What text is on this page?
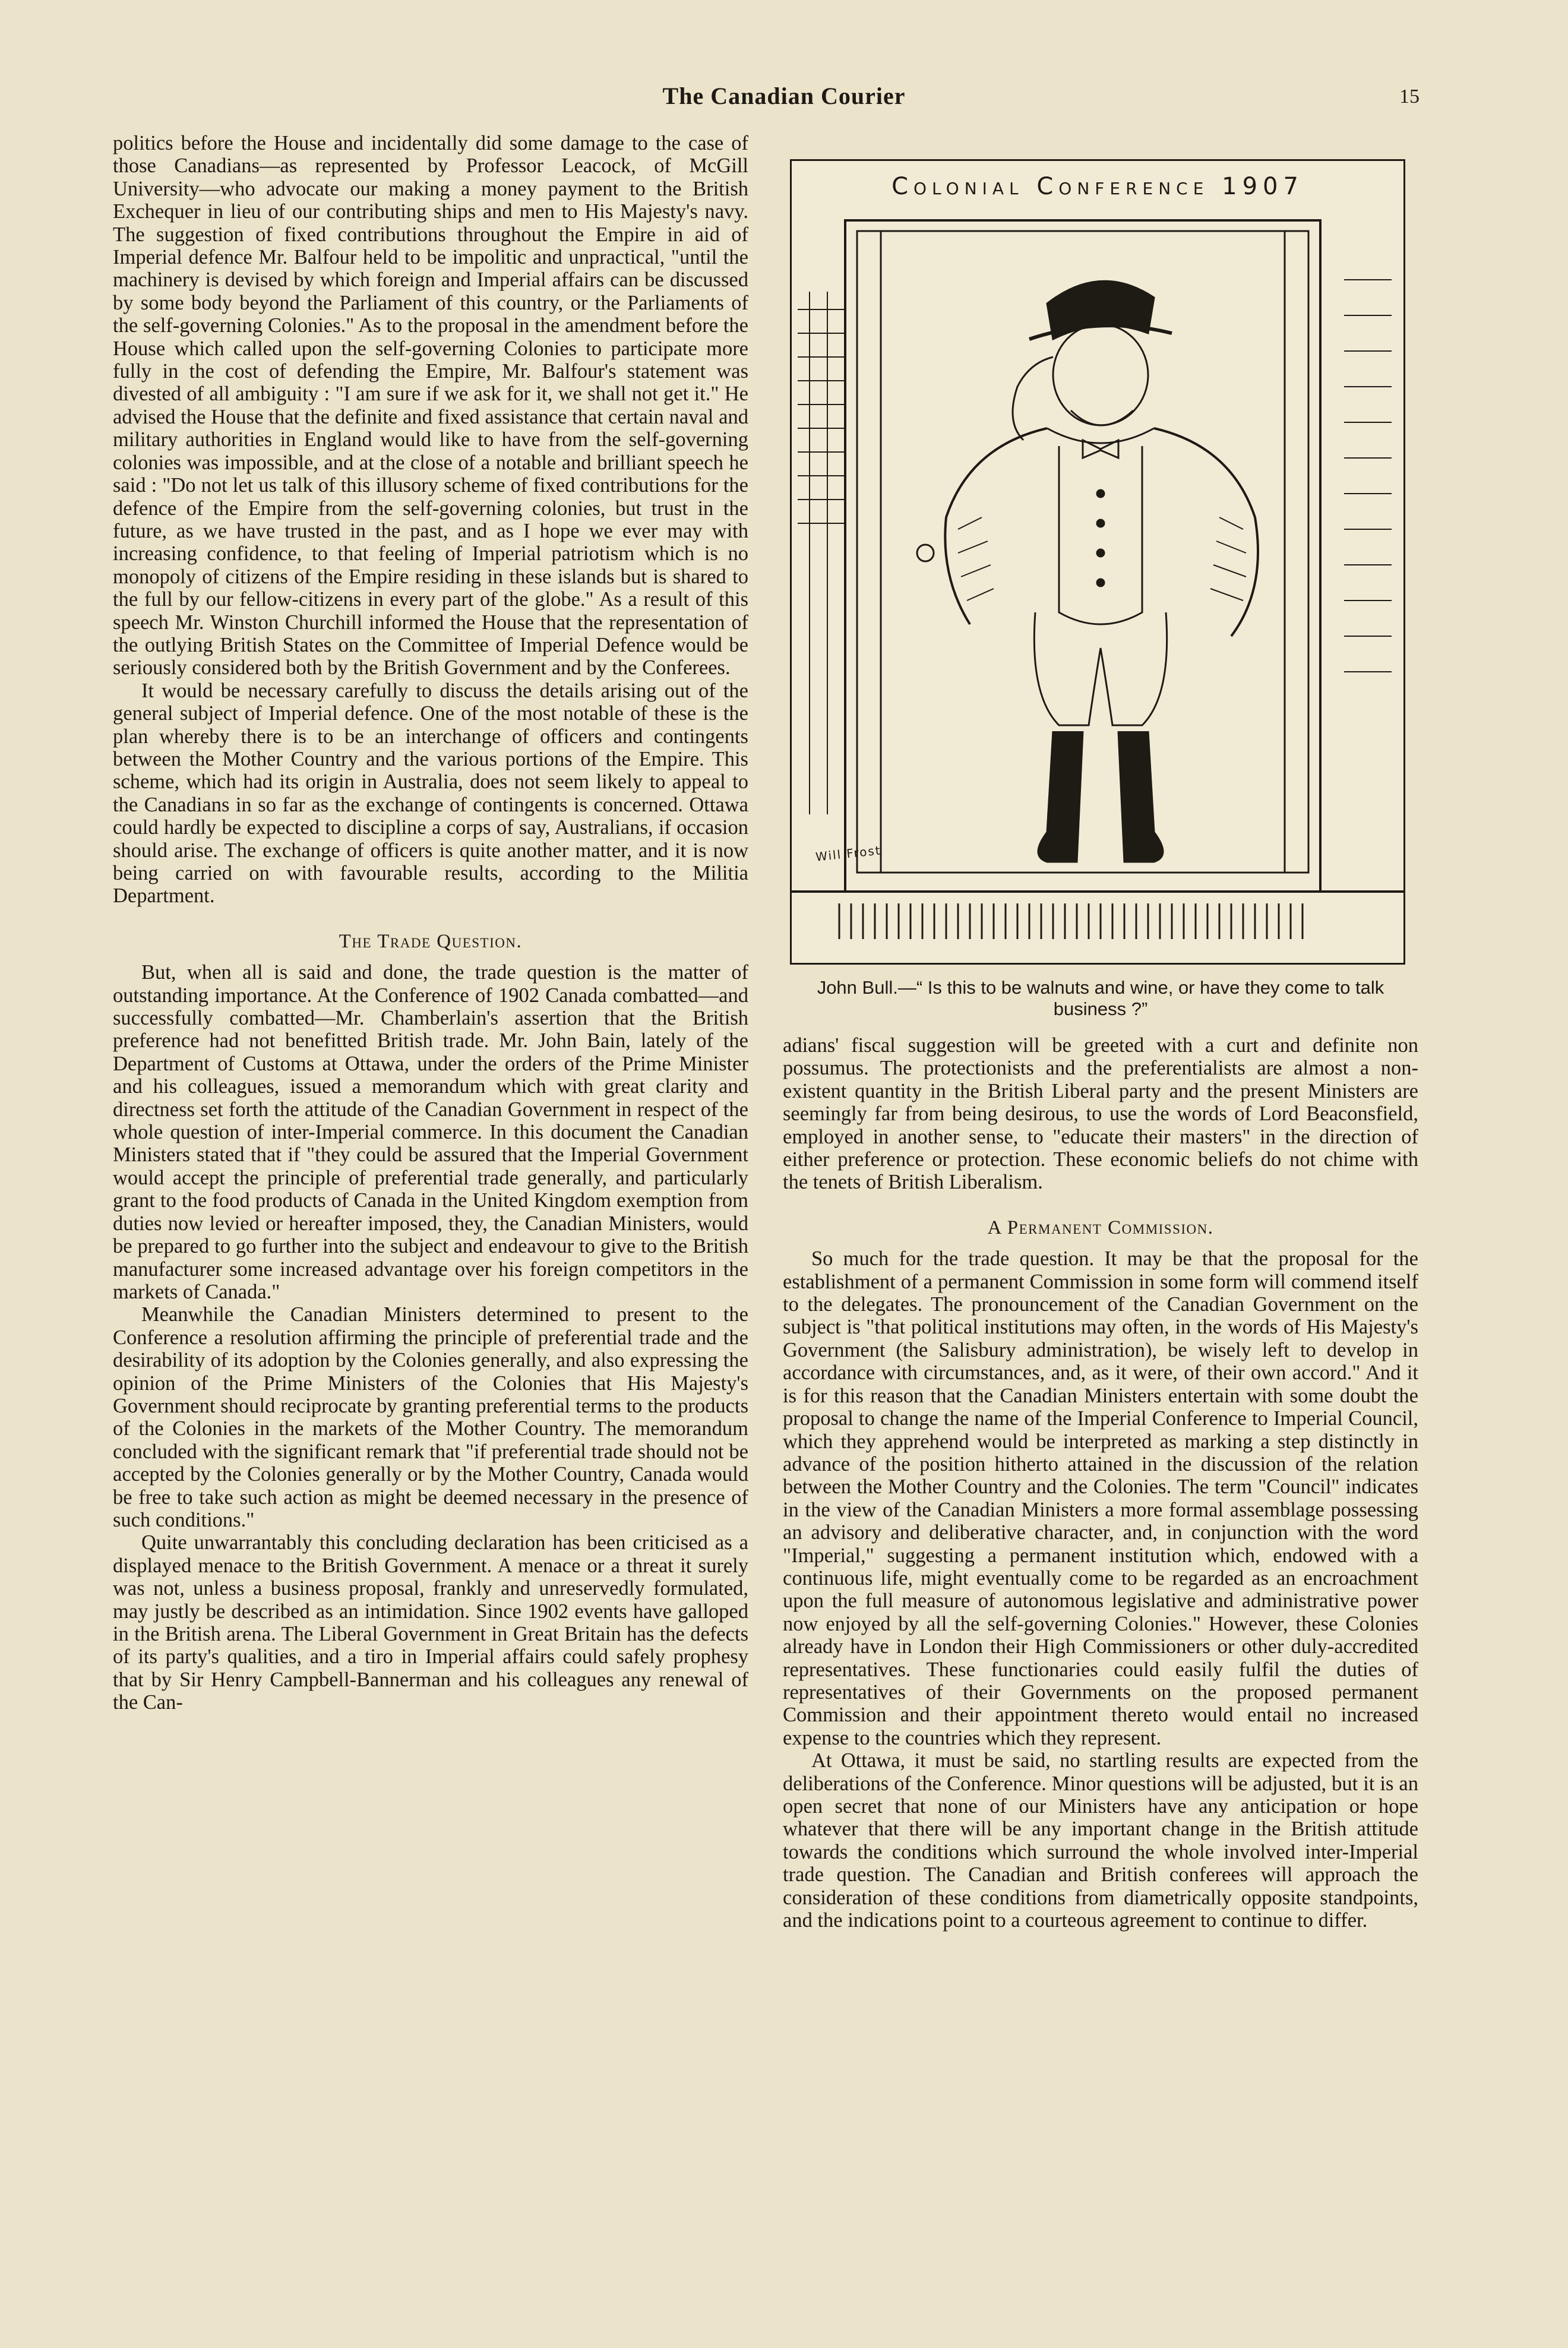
The Canadian Courier	15

politics before the House and incidentally did some damage to the case of those Canadians—as represented by Professor Leacock, of McGill University—who advocate our making a money payment to the British Exchequer in lieu of our contributing ships and men to His Majesty's navy. The suggestion of fixed contributions throughout the Empire in aid of Imperial defence Mr. Balfour held to be impolitic and unpractical, "until the machinery is devised by which foreign and Imperial affairs can be discussed by some body beyond the Parliament of this country, or the Parliaments of the self-governing Colonies." As to the proposal in the amendment before the House which called upon the self-governing Colonies to participate more fully in the cost of defending the Empire, Mr. Balfour's statement was divested of all ambiguity : "I am sure if we ask for it, we shall not get it." He advised the House that the definite and fixed assistance that certain naval and military authorities in England would like to have from the self-governing colonies was impossible, and at the close of a notable and brilliant speech he said : "Do not let us talk of this illusory scheme of fixed contributions for the defence of the Empire from the self-governing colonies, but trust in the future, as we have trusted in the past, and as I hope we ever may with increasing confidence, to that feeling of Imperial patriotism which is no monopoly of citizens of the Empire residing in these islands but is shared to the full by our fellow-citizens in every part of the globe." As a result of this speech Mr. Winston Churchill informed the House that the representation of the outlying British States on the Committee of Imperial Defence would be seriously considered both by the British Government and by the Conferees.

It would be necessary carefully to discuss the details arising out of the general subject of Imperial defence. One of the most notable of these is the plan whereby there is to be an interchange of officers and contingents between the Mother Country and the various portions of the Empire. This scheme, which had its origin in Australia, does not seem likely to appeal to the Canadians in so far as the exchange of contingents is concerned. Ottawa could hardly be expected to discipline a corps of say, Australians, if occasion should arise. The exchange of officers is quite another matter, and it is now being carried on with favourable results, according to the Militia Department.

The Trade Question.

But, when all is said and done, the trade question is the matter of outstanding importance. At the Conference of 1902 Canada combatted—and successfully combatted—Mr. Chamberlain's assertion that the British preference had not benefitted British trade. Mr. John Bain, lately of the Department of Customs at Ottawa, under the orders of the Prime Minister and his colleagues, issued a memorandum which with great clarity and directness set forth the attitude of the Canadian Government in respect of the whole question of inter-Imperial commerce. In this document the Canadian Ministers stated that if "they could be assured that the Imperial Government would accept the principle of preferential trade generally, and particularly grant to the food products of Canada in the United Kingdom exemption from duties now levied or hereafter imposed, they, the Canadian Ministers, would be prepared to go further into the subject and endeavour to give to the British manufacturer some increased advantage over his foreign competitors in the markets of Canada."

Meanwhile the Canadian Ministers determined to present to the Conference a resolution affirming the principle of preferential trade and the desirability of its adoption by the Colonies generally, and also expressing the opinion of the Prime Ministers of the Colonies that His Majesty's Government should reciprocate by granting preferential terms to the products of the Colonies in the markets of the Mother Country. The memorandum concluded with the significant remark that "if preferential trade should not be accepted by the Colonies generally or by the Mother Country, Canada would be free to take such action as might be deemed necessary in the presence of such conditions."

Quite unwarrantably this concluding declaration has been criticised as a displayed menace to the British Government. A menace or a threat it surely was not, unless a business proposal, frankly and unreservedly formulated, may justly be described as an intimidation. Since 1902 events have galloped in the British arena. The Liberal Government in Great Britain has the defects of its party's qualities, and a tiro in Imperial affairs could safely prophesy that by Sir Henry Campbell-Bannerman and his colleagues any renewal of the Can-

Colonial Conference 1907
Will Frost
John Bull.—“ Is this to be walnuts and wine, or have they come to talk business ?”

adians' fiscal suggestion will be greeted with a curt and definite non possumus. The protectionists and the preferentialists are almost a non-existent quantity in the British Liberal party and the present Ministers are seemingly far from being desirous, to use the words of Lord Beaconsfield, employed in another sense, to "educate their masters" in the direction of either preference or protection. These economic beliefs do not chime with the tenets of British Liberalism.

A Permanent Commission.

So much for the trade question. It may be that the proposal for the establishment of a permanent Commission in some form will commend itself to the delegates. The pronouncement of the Canadian Government on the subject is "that political institutions may often, in the words of His Majesty's Government (the Salisbury administration), be wisely left to develop in accordance with circumstances, and, as it were, of their own accord." And it is for this reason that the Canadian Ministers entertain with some doubt the proposal to change the name of the Imperial Conference to Imperial Council, which they apprehend would be interpreted as marking a step distinctly in advance of the position hitherto attained in the discussion of the relation between the Mother Country and the Colonies. The term "Council" indicates in the view of the Canadian Ministers a more formal assemblage possessing an advisory and deliberative character, and, in conjunction with the word "Imperial," suggesting a permanent institution which, endowed with a continuous life, might eventually come to be regarded as an encroachment upon the full measure of autonomous legislative and administrative power now enjoyed by all the self-governing Colonies." However, these Colonies already have in London their High Commissioners or other duly-accredited representatives. These functionaries could easily fulfil the duties of representatives of their Governments on the proposed permanent Commission and their appointment thereto would entail no increased expense to the countries which they represent.

At Ottawa, it must be said, no startling results are expected from the deliberations of the Conference. Minor questions will be adjusted, but it is an open secret that none of our Ministers have any anticipation or hope whatever that there will be any important change in the British attitude towards the conditions which surround the whole involved inter-Imperial trade question. The Canadian and British conferees will approach the consideration of these conditions from diametrically opposite standpoints, and the indications point to a courteous agreement to continue to differ.
